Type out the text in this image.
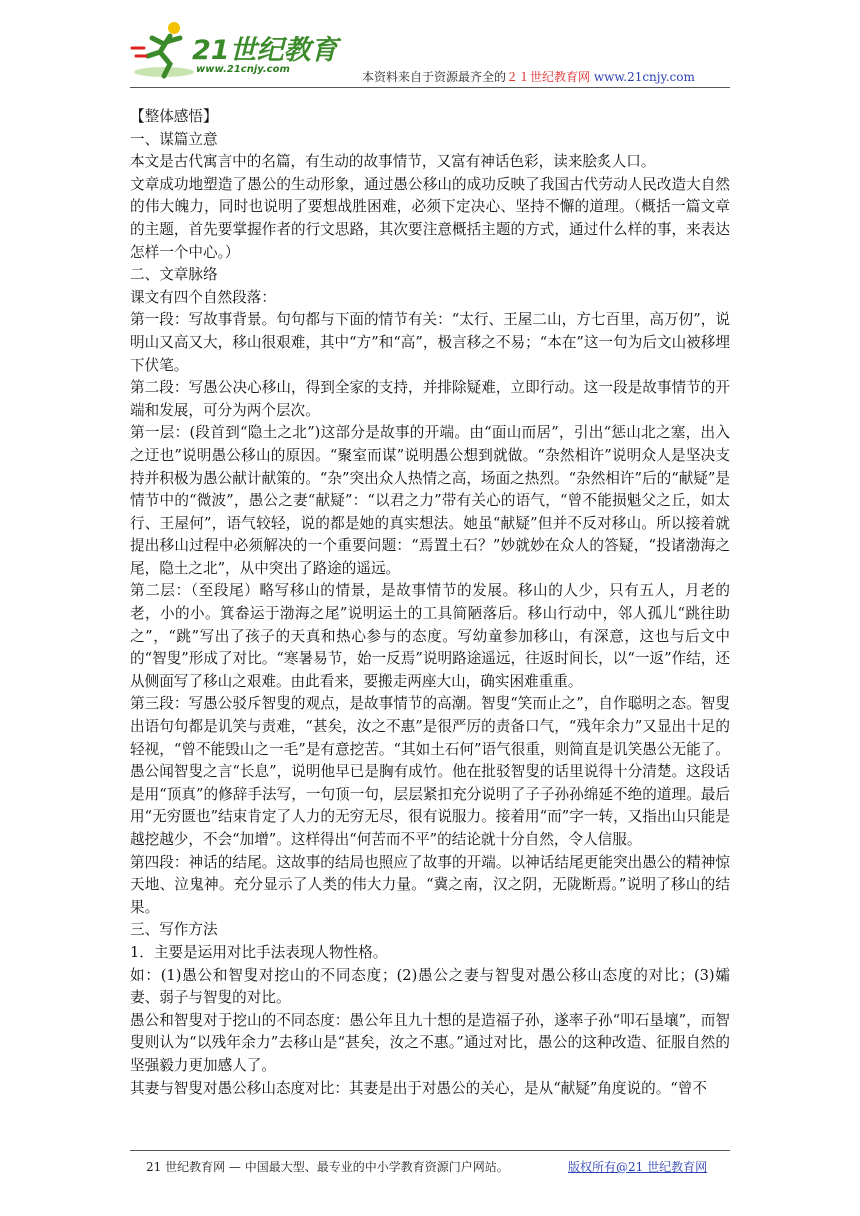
21世纪教育
www.21cnjy.com
本资料来自于资源最齐全的２１世纪教育网 www.21cnjy.com

【整体感悟】

一、谋篇立意

本文是古代寓言中的名篇，有生动的故事情节，又富有神话色彩，读来脍炙人口。

文章成功地塑造了愚公的生动形象，通过愚公移山的成功反映了我国古代劳动人民改造大自然的伟大魄力，同时也说明了要想战胜困难，必须下定决心、坚持不懈的道理。（概括一篇文章的主题，首先要掌握作者的行文思路，其次要注意概括主题的方式，通过什么样的事，来表达怎样一个中心。）

二、文章脉络

课文有四个自然段落：

第一段：写故事背景。句句都与下面的情节有关：“太行、王屋二山，方七百里，高万仞”，说明山又高又大，移山很艰难，其中“方”和“高”，极言移之不易；“本在”这一句为后文山被移埋下伏笔。

第二段：写愚公决心移山，得到全家的支持，并排除疑难，立即行动。这一段是故事情节的开端和发展，可分为两个层次。

第一层：(段首到“隐土之北”)这部分是故事的开端。由“面山而居”，引出“惩山北之塞，出入之迂也”说明愚公移山的原因。“聚室而谋”说明愚公想到就做。“杂然相许”说明众人是坚决支持并积极为愚公献计献策的。“杂”突出众人热情之高，场面之热烈。“杂然相许”后的“献疑”是情节中的“微波”，愚公之妻“献疑”：“以君之力”带有关心的语气，“曾不能损魁父之丘，如太行、王屋何”，语气较轻，说的都是她的真实想法。她虽“献疑”但并不反对移山。所以接着就提出移山过程中必须解决的一个重要问题：“焉置土石？”妙就妙在众人的答疑，“投诸渤海之尾，隐土之北”，从中突出了路途的遥远。

第二层：（至段尾）略写移山的情景，是故事情节的发展。移山的人少，只有五人，月老的老，小的小。箕畚运于渤海之尾”说明运土的工具简陋落后。移山行动中，邻人孤儿“跳往助之”，“跳”写出了孩子的天真和热心参与的态度。写幼童参加移山，有深意，这也与后文中的“智叟”形成了对比。“寒暑易节，始一反焉”说明路途遥远，往返时间长，以“一返”作结，还从侧面写了移山之艰难。由此看来，要搬走两座大山，确实困难重重。

第三段：写愚公驳斥智叟的观点，是故事情节的高潮。智叟“笑而止之”，自作聪明之态。智叟出语句句都是讥笑与责难，“甚矣，汝之不惠”是很严厉的责备口气，“残年余力”又显出十足的轻视，“曾不能毁山之一毛”是有意挖苦。“其如土石何”语气很重，则简直是讥笑愚公无能了。愚公闻智叟之言“长息”，说明他早已是胸有成竹。他在批驳智叟的话里说得十分清楚。这段话是用“顶真”的修辞手法写，一句顶一句，层层紧扣充分说明了子子孙孙绵延不绝的道理。最后用“无穷匮也”结束肯定了人力的无穷无尽，很有说服力。接着用“而”字一转，又指出山只能是越挖越少，不会“加增”。这样得出“何苦而不平”的结论就十分自然，令人信服。

第四段：神话的结尾。这故事的结局也照应了故事的开端。以神话结尾更能突出愚公的精神惊天地、泣鬼神。充分显示了人类的伟大力量。“冀之南，汉之阴，无陇断焉。”说明了移山的结果。

三、写作方法

1．主要是运用对比手法表现人物性格。

如：(1)愚公和智叟对挖山的不同态度；(2)愚公之妻与智叟对愚公移山态度的对比；(3)孀妻、弱子与智叟的对比。

愚公和智叟对于挖山的不同态度：愚公年且九十想的是造福子孙，遂率子孙“叩石垦壤”，而智叟则认为“以残年余力”去移山是“甚矣，汝之不惠。”通过对比，愚公的这种改造、征服自然的坚强毅力更加感人了。

其妻与智叟对愚公移山态度对比：其妻是出于对愚公的关心，是从“献疑”角度说的。“曾不

21 世纪教育网 — 中国最大型、最专业的中小学教育资源门户网站。	版权所有@21 世纪教育网
